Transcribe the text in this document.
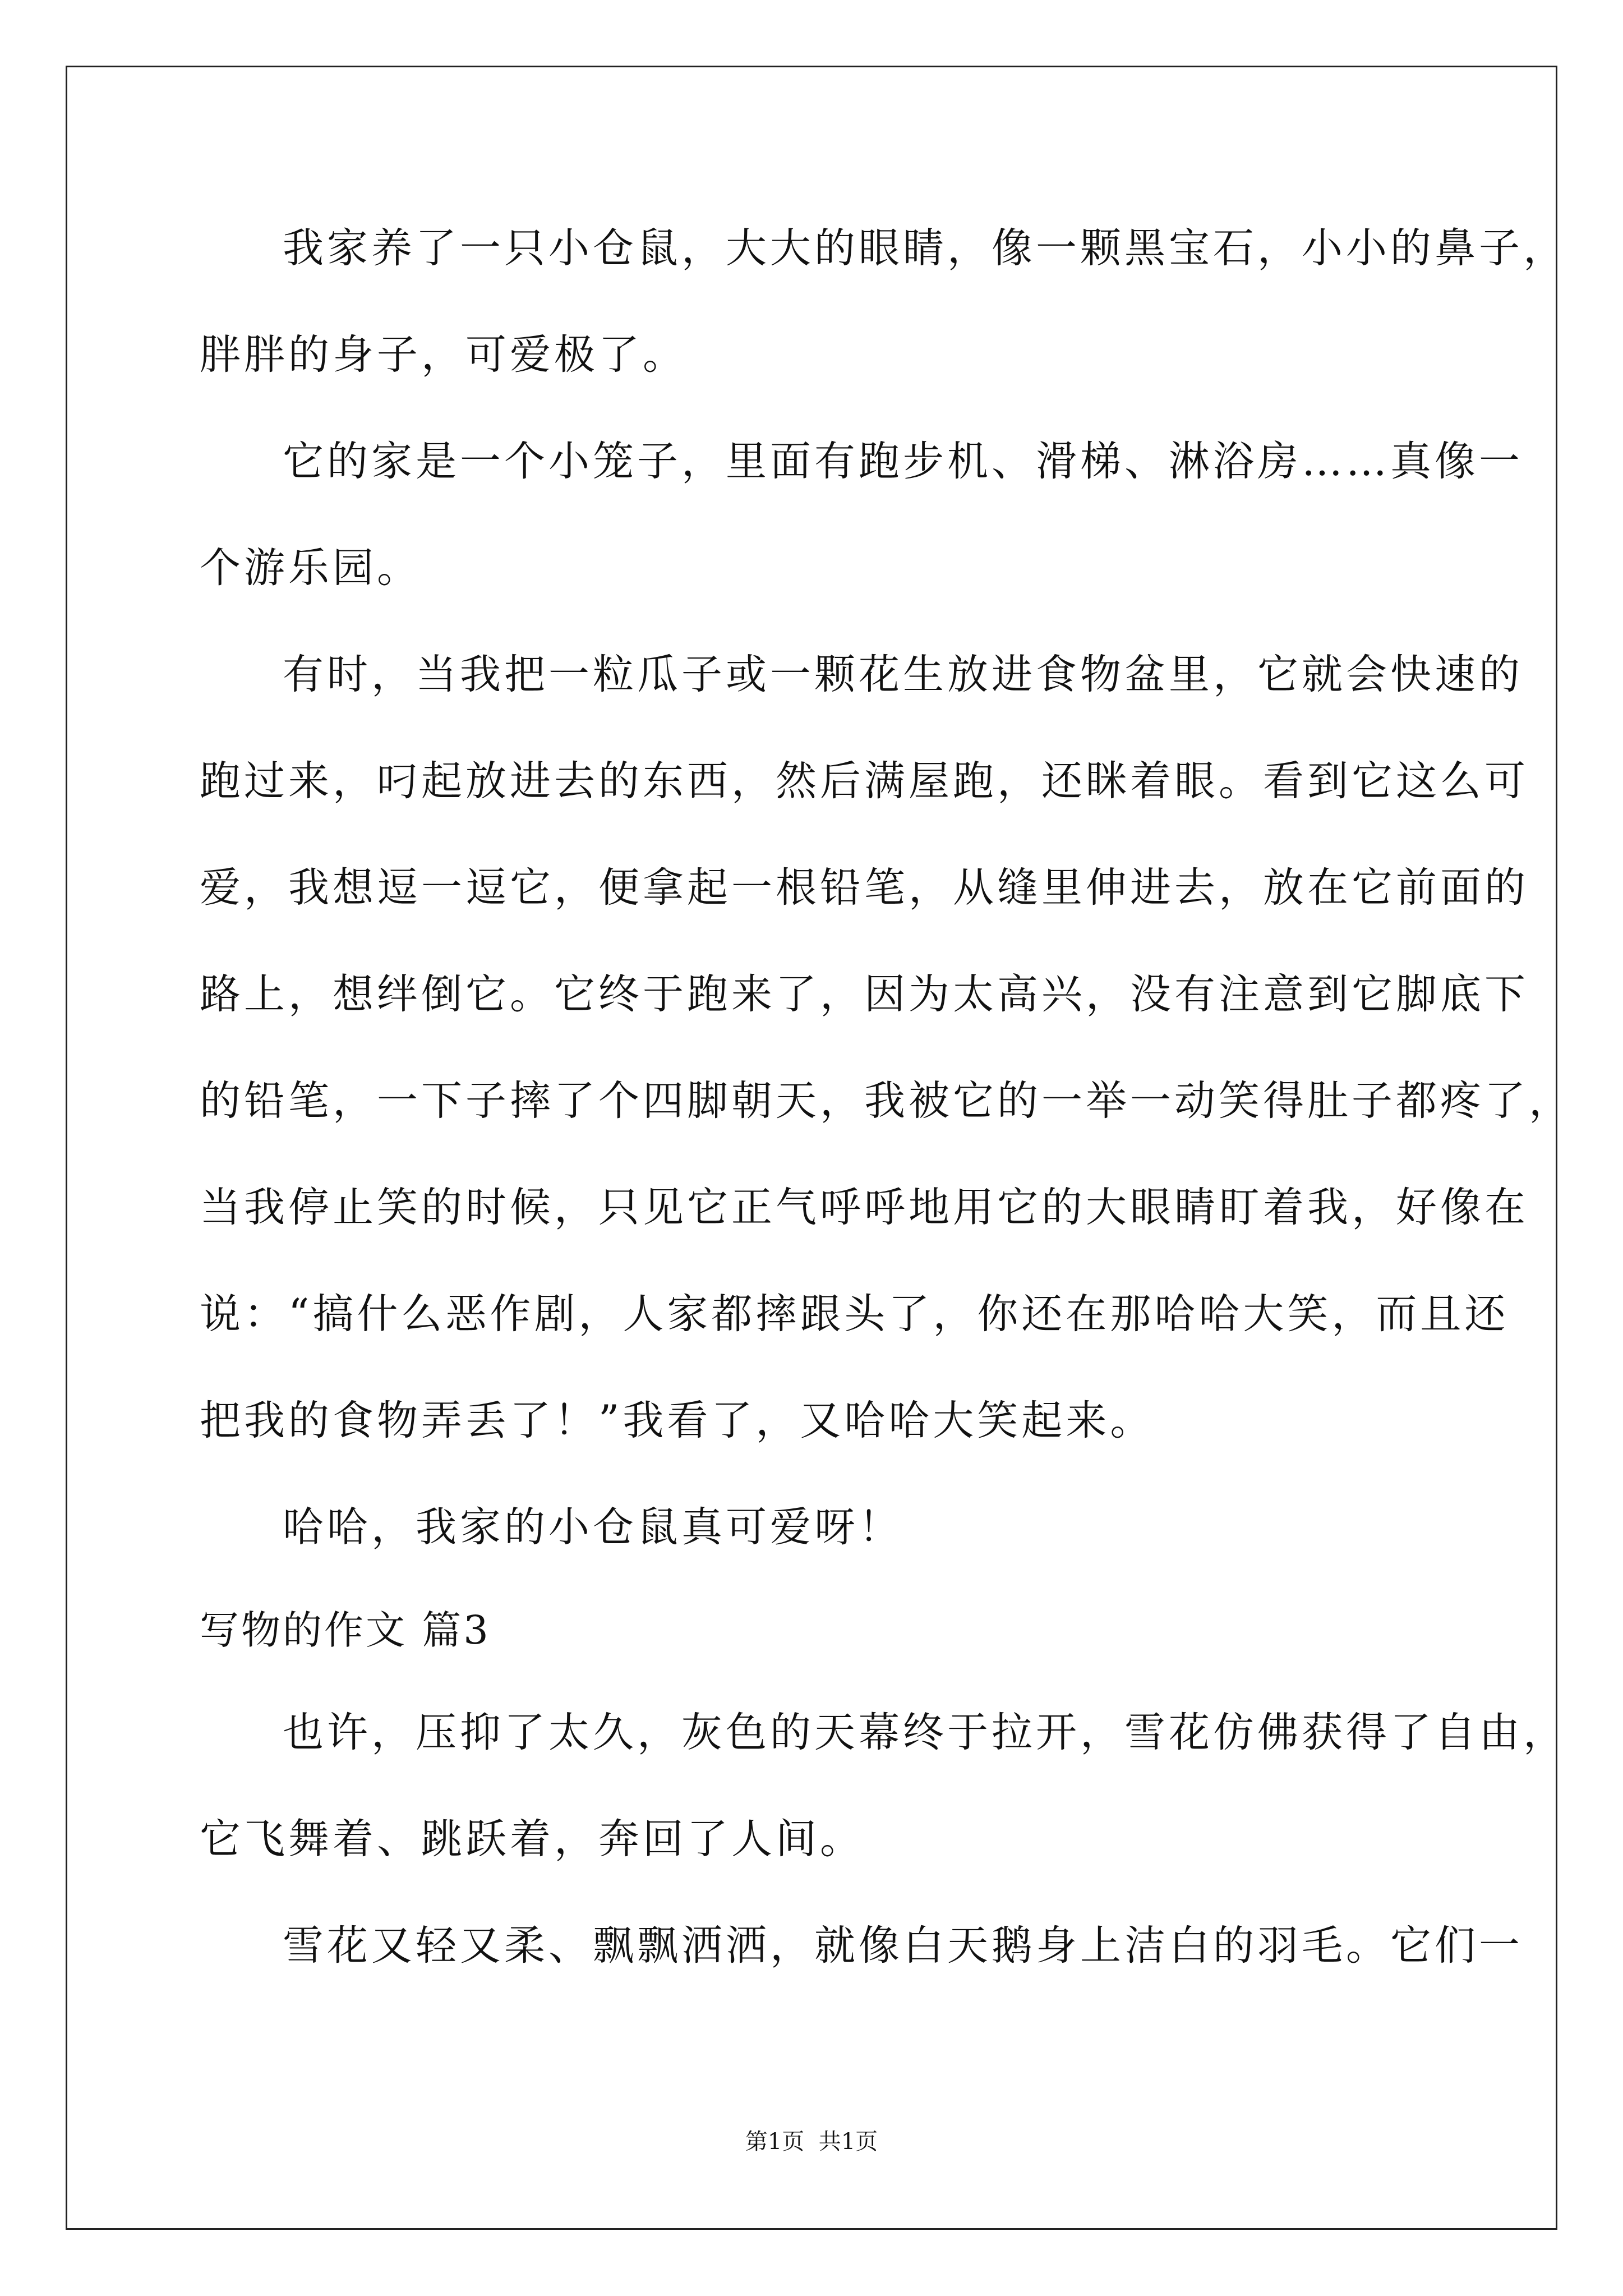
我家养了一只小仓鼠，大大的眼睛，像一颗黑宝石，小小的鼻子，
胖胖的身子，可爱极了。
它的家是一个小笼子，里面有跑步机、滑梯、淋浴房……真像一
个游乐园。
有时，当我把一粒瓜子或一颗花生放进食物盆里，它就会快速的
跑过来，叼起放进去的东西，然后满屋跑，还眯着眼。看到它这么可
爱，我想逗一逗它，便拿起一根铅笔，从缝里伸进去，放在它前面的
路上，想绊倒它。它终于跑来了，因为太高兴，没有注意到它脚底下
的铅笔，一下子摔了个四脚朝天，我被它的一举一动笑得肚子都疼了，
当我停止笑的时候，只见它正气呼呼地用它的大眼睛盯着我，好像在
说：“搞什么恶作剧，人家都摔跟头了，你还在那哈哈大笑，而且还
把我的食物弄丢了！”我看了，又哈哈大笑起来。
哈哈，我家的小仓鼠真可爱呀！
写物的作文 篇3
也许，压抑了太久，灰色的天幕终于拉开，雪花仿佛获得了自由，
它飞舞着、跳跃着，奔回了人间。
雪花又轻又柔、飘飘洒洒，就像白天鹅身上洁白的羽毛。它们一
第1页  共1页
